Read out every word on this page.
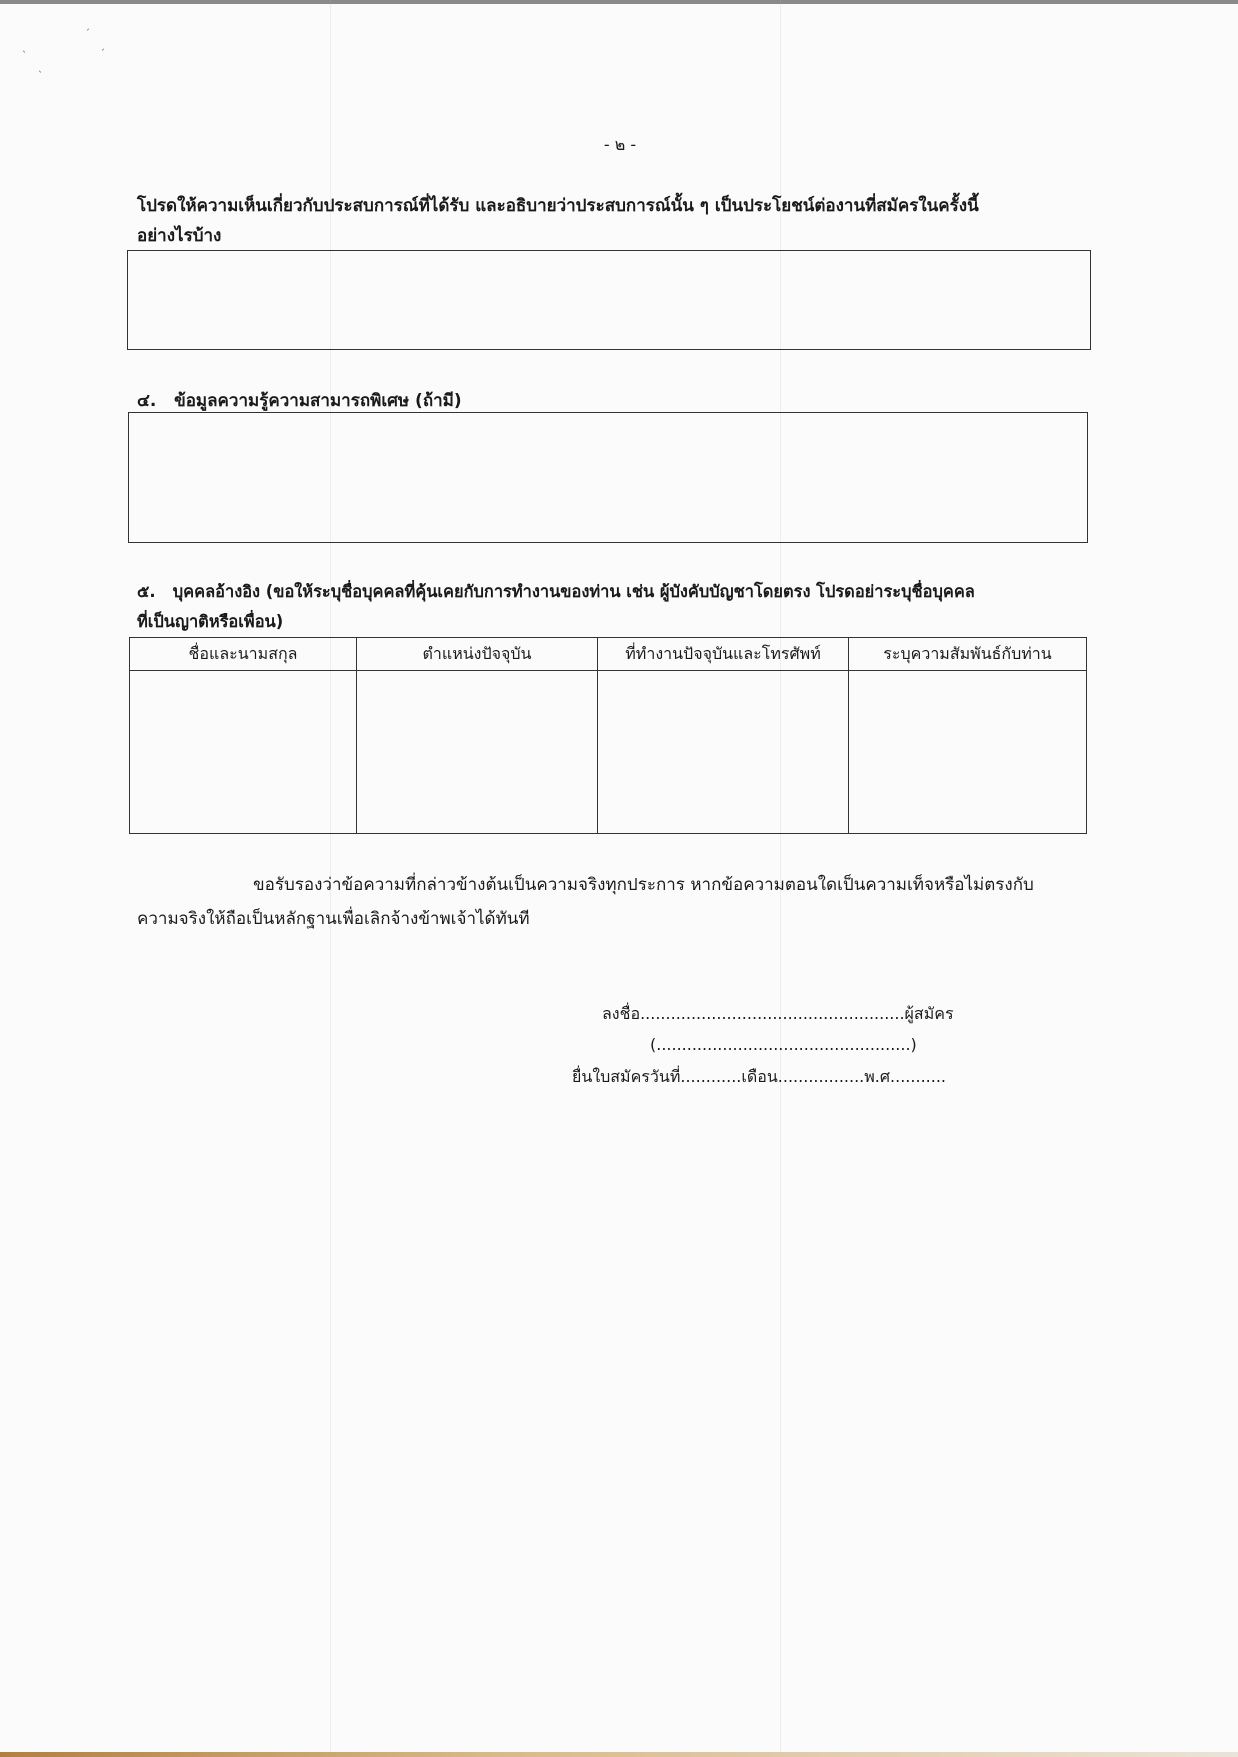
ˎ
ˎ
ˏ
ˏ
- ๒ -
โปรดให้ความเห็นเกี่ยวกับประสบการณ์ที่ได้รับ และอธิบายว่าประสบการณ์นั้น ๆ เป็นประโยชน์ต่องานที่สมัครในครั้งนี้
อย่างไรบ้าง
๔. ข้อมูลความรู้ความสามารถพิเศษ (ถ้ามี)
๕. บุคคลอ้างอิง (ขอให้ระบุชื่อบุคคลที่คุ้นเคยกับการทำงานของท่าน เช่น ผู้บังคับบัญชาโดยตรง โปรดอย่าระบุชื่อบุคคล
ที่เป็นญาติหรือเพื่อน)
ชื่อและนามสกุล	ตำแหน่งปัจจุบัน	ที่ทำงานปัจจุบันและโทรศัพท์	ระบุความสัมพันธ์กับท่าน

ขอรับรองว่าข้อความที่กล่าวข้างต้นเป็นความจริงทุกประการ หากข้อความตอนใดเป็นความเท็จหรือไม่ตรงกับ
ความจริงให้ถือเป็นหลักฐานเพื่อเลิกจ้างข้าพเจ้าได้ทันที
ลงชื่อ....................................................ผู้สมัคร
(..................................................)
ยื่นใบสมัครวันที่............เดือน.................พ.ศ...........
